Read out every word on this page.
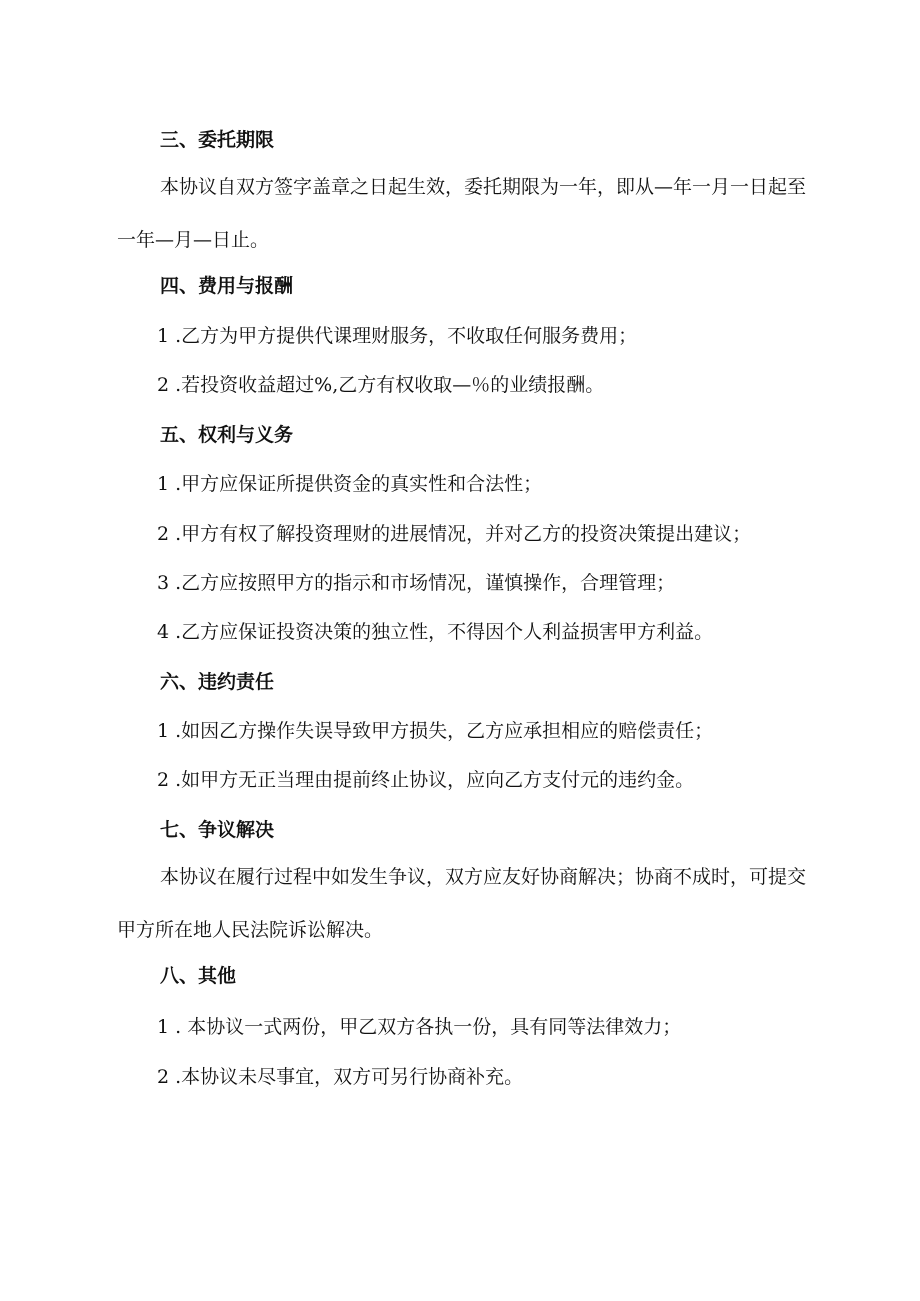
三、委托期限
本协议自双方签字盖章之日起生效，委托期限为一年，即从—年一月一日起至一年—月—日止。
四、费用与报酬
1 .乙方为甲方提供代课理财服务，不收取任何服务费用；
2 .若投资收益超过%,乙方有权收取—％的业绩报酬。
五、权利与义务
1 .甲方应保证所提供资金的真实性和合法性；
2 .甲方有权了解投资理财的进展情况，并对乙方的投资决策提出建议；
3 .乙方应按照甲方的指示和市场情况，谨慎操作，合理管理；
4 .乙方应保证投资决策的独立性，不得因个人利益损害甲方利益。
六、违约责任
1 .如因乙方操作失误导致甲方损失，乙方应承担相应的赔偿责任；
2 .如甲方无正当理由提前终止协议，应向乙方支付元的违约金。
七、争议解决
本协议在履行过程中如发生争议，双方应友好协商解决；协商不成时，可提交甲方所在地人民法院诉讼解决。
八、其他
1 . 本协议一式两份，甲乙双方各执一份，具有同等法律效力；
2 .本协议未尽事宜，双方可另行协商补充。
